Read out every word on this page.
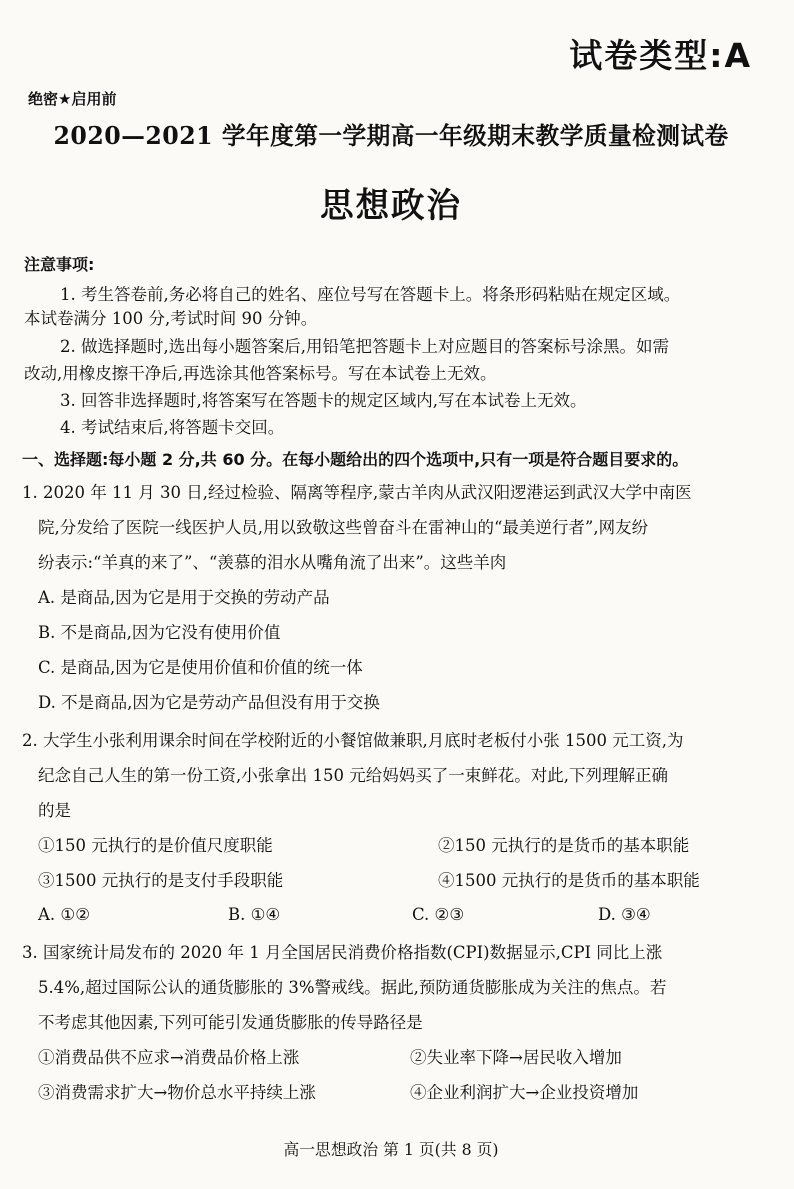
试卷类型:A
绝密★启用前
2020—2021 学年度第一学期高一年级期末教学质量检测试卷
思想政治
注意事项:
1. 考生答卷前,务必将自己的姓名、座位号写在答题卡上。将条形码粘贴在规定区域。
本试卷满分 100 分,考试时间 90 分钟。
2. 做选择题时,选出每小题答案后,用铅笔把答题卡上对应题目的答案标号涂黑。如需
改动,用橡皮擦干净后,再选涂其他答案标号。写在本试卷上无效。
3. 回答非选择题时,将答案写在答题卡的规定区域内,写在本试卷上无效。
4. 考试结束后,将答题卡交回。
一、选择题:每小题 2 分,共 60 分。在每小题给出的四个选项中,只有一项是符合题目要求的。
1. 2020 年 11 月 30 日,经过检验、隔离等程序,蒙古羊肉从武汉阳逻港运到武汉大学中南医
院,分发给了医院一线医护人员,用以致敬这些曾奋斗在雷神山的“最美逆行者”,网友纷
纷表示:“羊真的来了”、“羡慕的泪水从嘴角流了出来”。这些羊肉
A. 是商品,因为它是用于交换的劳动产品
B. 不是商品,因为它没有使用价值
C. 是商品,因为它是使用价值和价值的统一体
D. 不是商品,因为它是劳动产品但没有用于交换
2. 大学生小张利用课余时间在学校附近的小餐馆做兼职,月底时老板付小张 1500 元工资,为
纪念自己人生的第一份工资,小张拿出 150 元给妈妈买了一束鲜花。对此,下列理解正确
的是
①150 元执行的是价值尺度职能	②150 元执行的是货币的基本职能
③1500 元执行的是支付手段职能	④1500 元执行的是货币的基本职能
A. ①②	B. ①④	C. ②③	D. ③④
3. 国家统计局发布的 2020 年 1 月全国居民消费价格指数(CPI)数据显示,CPI 同比上涨
5.4%,超过国际公认的通货膨胀的 3%警戒线。据此,预防通货膨胀成为关注的焦点。若
不考虑其他因素,下列可能引发通货膨胀的传导路径是
①消费品供不应求→消费品价格上涨	②失业率下降→居民收入增加
③消费需求扩大→物价总水平持续上涨	④企业利润扩大→企业投资增加
高一思想政治 第 1 页(共 8 页)
